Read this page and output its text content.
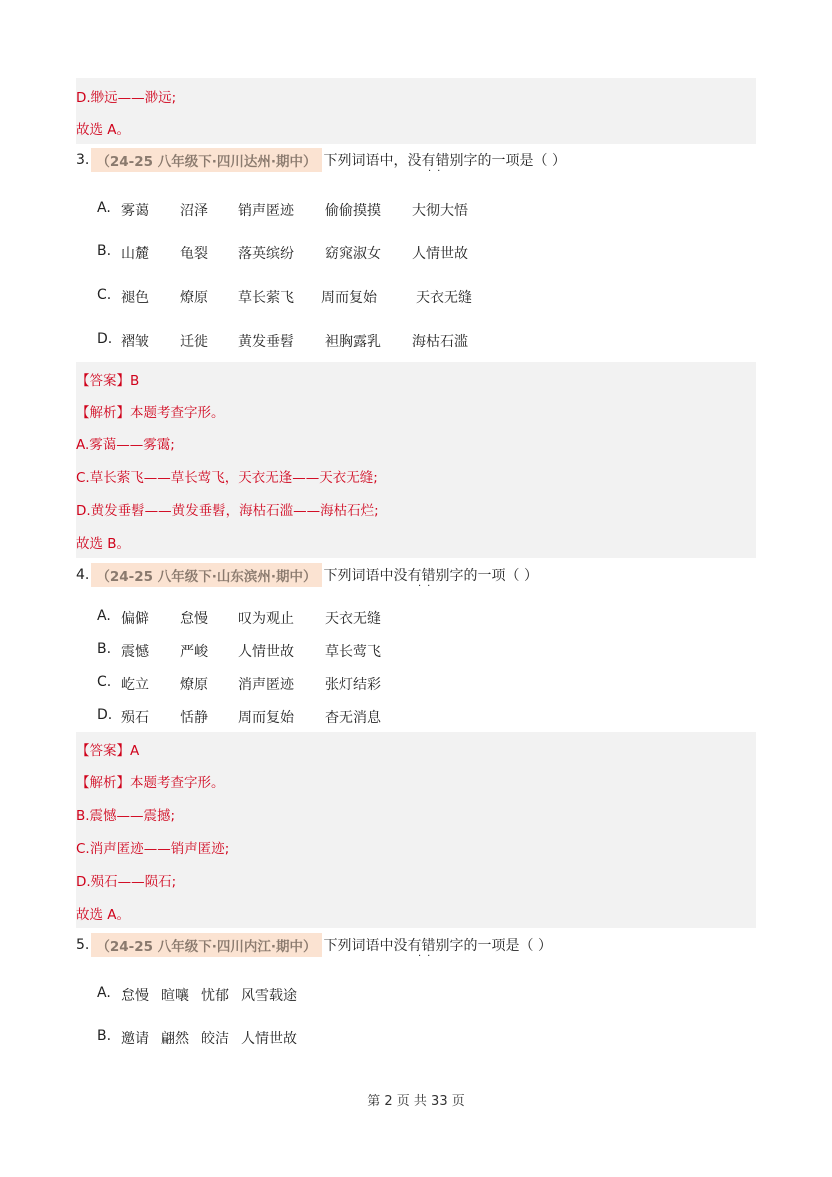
D.缈远——渺远;
故选 A。
3. （24-25 八年级下·四川达州·期中） 下列词语中，没有错别字的一项是（ ）
··
A. 雾蔼 沼泽 销声匿迹 偷偷摸摸 大彻大悟
B. 山麓 龟裂 落英缤纷 窈窕淑女 人情世故
C. 褪色 燎原 草长萦飞 周而复始	天衣无缝
D. 褶皱 迁徙 黄发垂髫 袒胸露乳 海枯石滥
【答案】B
【解析】本题考查字形。
A.雾蔼——雾霭;
C.草长萦飞——草长莺飞，天衣无逢——天衣无缝;
D.黄发垂髫——黄发垂髫，海枯石滥——海枯石烂;
故选 B。
4. （24-25 八年级下·山东滨州·期中） 下列词语中没有错别字的一项（ ）
··
A. 偏僻 怠慢 叹为观止 天衣无缝
B. 震憾 严峻 人情世故 草长莺飞
C. 屹立 燎原 消声匿迹 张灯结彩
D. 殒石 恬静 周而复始 杳无消息
【答案】A
【解析】本题考查字形。
B.震憾——震撼;
C.消声匿迹——销声匿迹;
D.殒石——陨石;
故选 A。
5. （24-25 八年级下·四川内江·期中） 下列词语中没有错别字的一项是（ ）
··
A. 怠慢 暄嚷 忧郁 风雪载途
B. 邀请 翩然 皎洁 人情世故
第 2 页 共 33 页
